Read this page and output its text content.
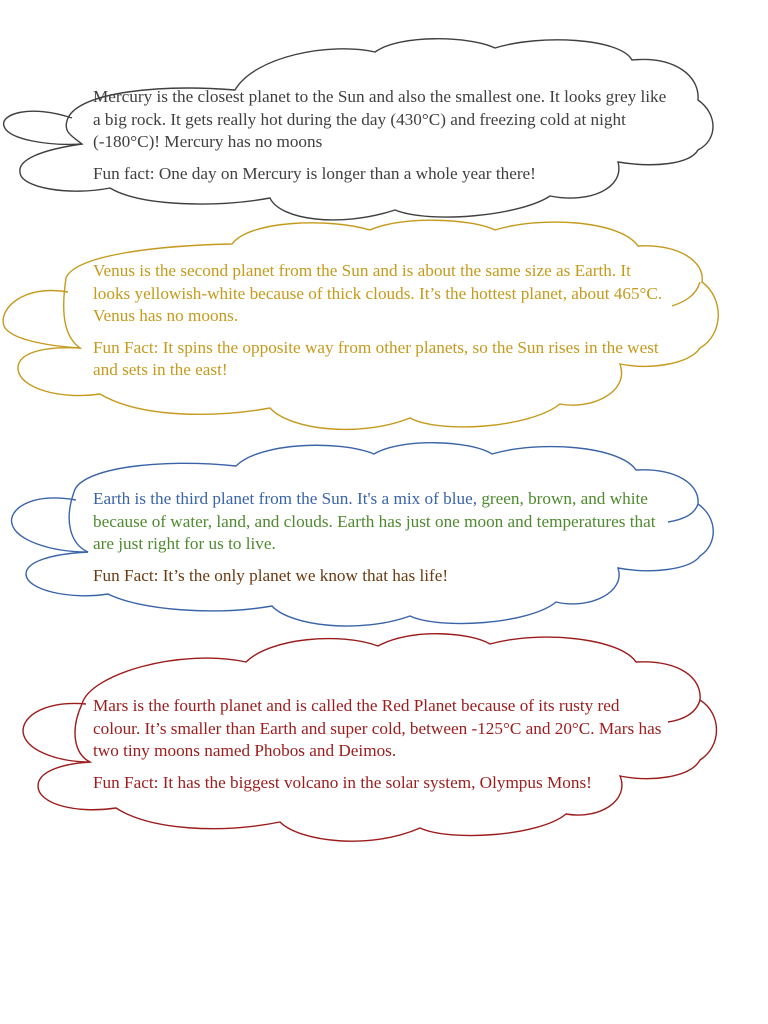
Mercury is the closest planet to the Sun and also the smallest one. It looks grey like a big rock. It gets really hot during the day (430°C) and freezing cold at night (-180°C)! Mercury has no moons

Fun fact: One day on Mercury is longer than a whole year there!

Venus is the second planet from the Sun and is about the same size as Earth. It looks yellowish-white because of thick clouds. It’s the hottest planet, about 465°C. Venus has no moons.

Fun Fact: It spins the opposite way from other planets, so the Sun rises in the west and sets in the east!

Earth is the third planet from the Sun. It's a mix of blue, green, brown, and white because of water, land, and clouds. Earth has just one moon and temperatures that are just right for us to live.

Fun Fact: It’s the only planet we know that has life!

Mars is the fourth planet and is called the Red Planet because of its rusty red colour. It’s smaller than Earth and super cold, between -125°C and 20°C. Mars has two tiny moons named Phobos and Deimos.

Fun Fact: It has the biggest volcano in the solar system, Olympus Mons!
